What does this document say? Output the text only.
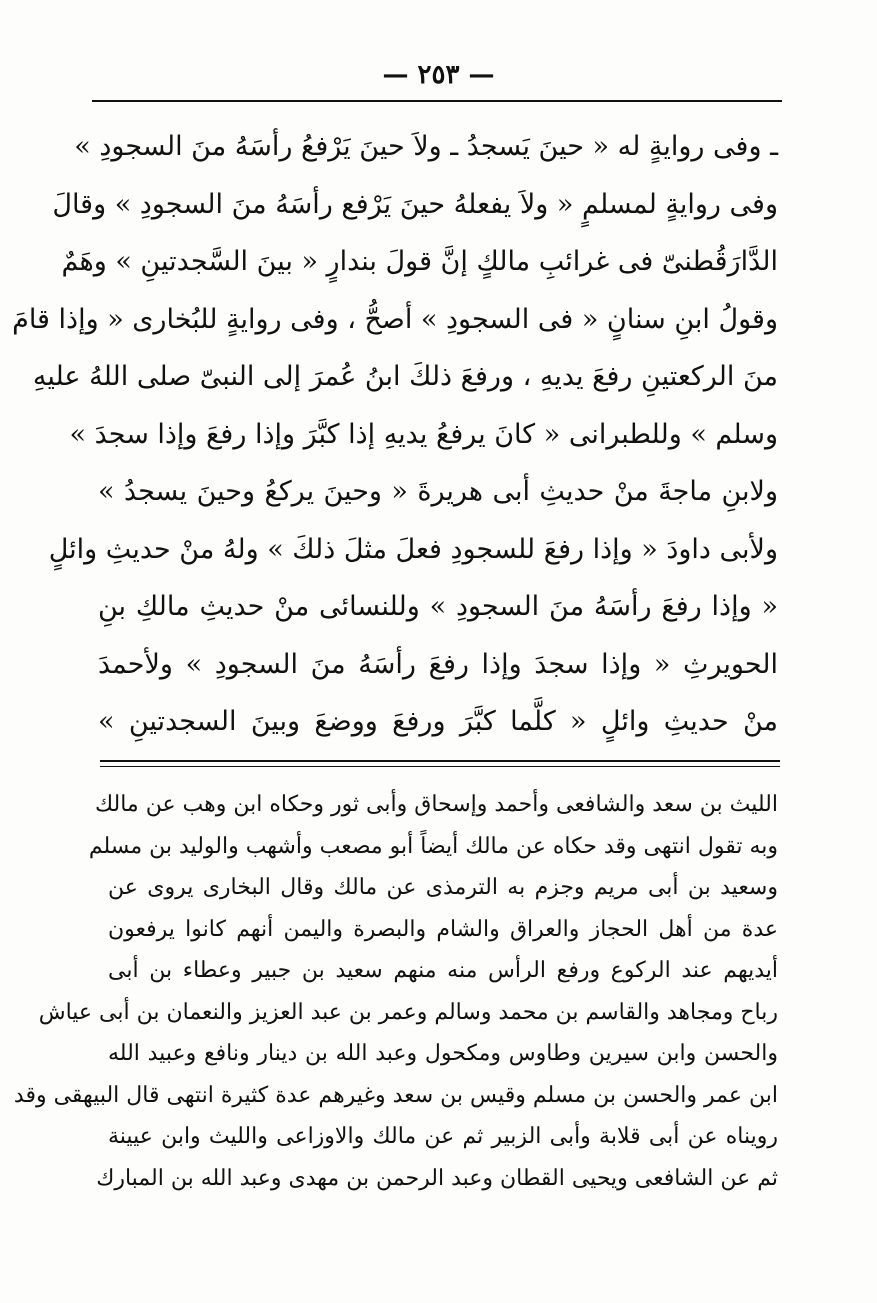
— ٢٥٣ —
ـ وفى روايةٍ له « حينَ يَسجدُ ـ ولاَ حينَ يَرْفعُ رأسَهُ منَ السجودِ »
وفى روايةٍ لمسلمٍ « ولاَ يفعلهُ حينَ يَرْفع رأسَهُ منَ السجودِ » وقالَ
الدَّارَقُطنىّ فى غرائبِ مالكٍ إنَّ قولَ بندارٍ « بينَ السَّجدتينِ » وهَمٌ
وقولُ ابنِ سنانٍ « فى السجودِ » أصحُّ ، وفى روايةٍ للبُخارى « وإذا قامَ
منَ الركعتينِ رفعَ يديهِ ، ورفعَ ذلكَ ابنُ عُمرَ إلى النبىّ صلى اللهُ عليهِ
وسلم » وللطبرانى « كانَ يرفعُ يديهِ إذا كبَّرَ وإذا رفعَ وإذا سجدَ »
ولابنِ ماجةَ منْ حديثِ أبى هريرةَ « وحينَ يركعُ وحينَ يسجدُ »
ولأبى داودَ « وإذا رفعَ للسجودِ فعلَ مثلَ ذلكَ » ولهُ منْ حديثِ وائلٍ
« وإذا رفعَ رأسَهُ منَ السجودِ » وللنسائى منْ حديثِ مالكِ بنِ
الحويرثِ « وإذا سجدَ وإذا رفعَ رأسَهُ منَ السجودِ » ولأحمدَ
منْ حديثِ وائلٍ « كلَّما كبَّرَ ورفعَ ووضعَ وبينَ السجدتينِ »
الليث بن سعد والشافعى وأحمد وإسحاق وأبى ثور وحكاه ابن وهب عن مالك
وبه تقول انتهى وقد حكاه عن مالك أيضاً أبو مصعب وأشهب والوليد بن مسلم
وسعيد بن أبى مريم وجزم به الترمذى عن مالك وقال البخارى يروى عن
عدة من أهل الحجاز والعراق والشام والبصرة واليمن أنهم كانوا يرفعون
أيديهم عند الركوع ورفع الرأس منه منهم سعيد بن جبير وعطاء بن أبى
رباح ومجاهد والقاسم بن محمد وسالم وعمر بن عبد العزيز والنعمان بن أبى عياش
والحسن وابن سيرين وطاوس ومكحول وعبد الله بن دينار ونافع وعبيد الله
ابن عمر والحسن بن مسلم وقيس بن سعد وغيرهم عدة كثيرة انتهى قال البيهقى وقد
رويناه عن أبى قلابة وأبى الزبير ثم عن مالك والاوزاعى والليث وابن عيينة
ثم عن الشافعى ويحيى القطان وعبد الرحمن بن مهدى وعبد الله بن المبارك
